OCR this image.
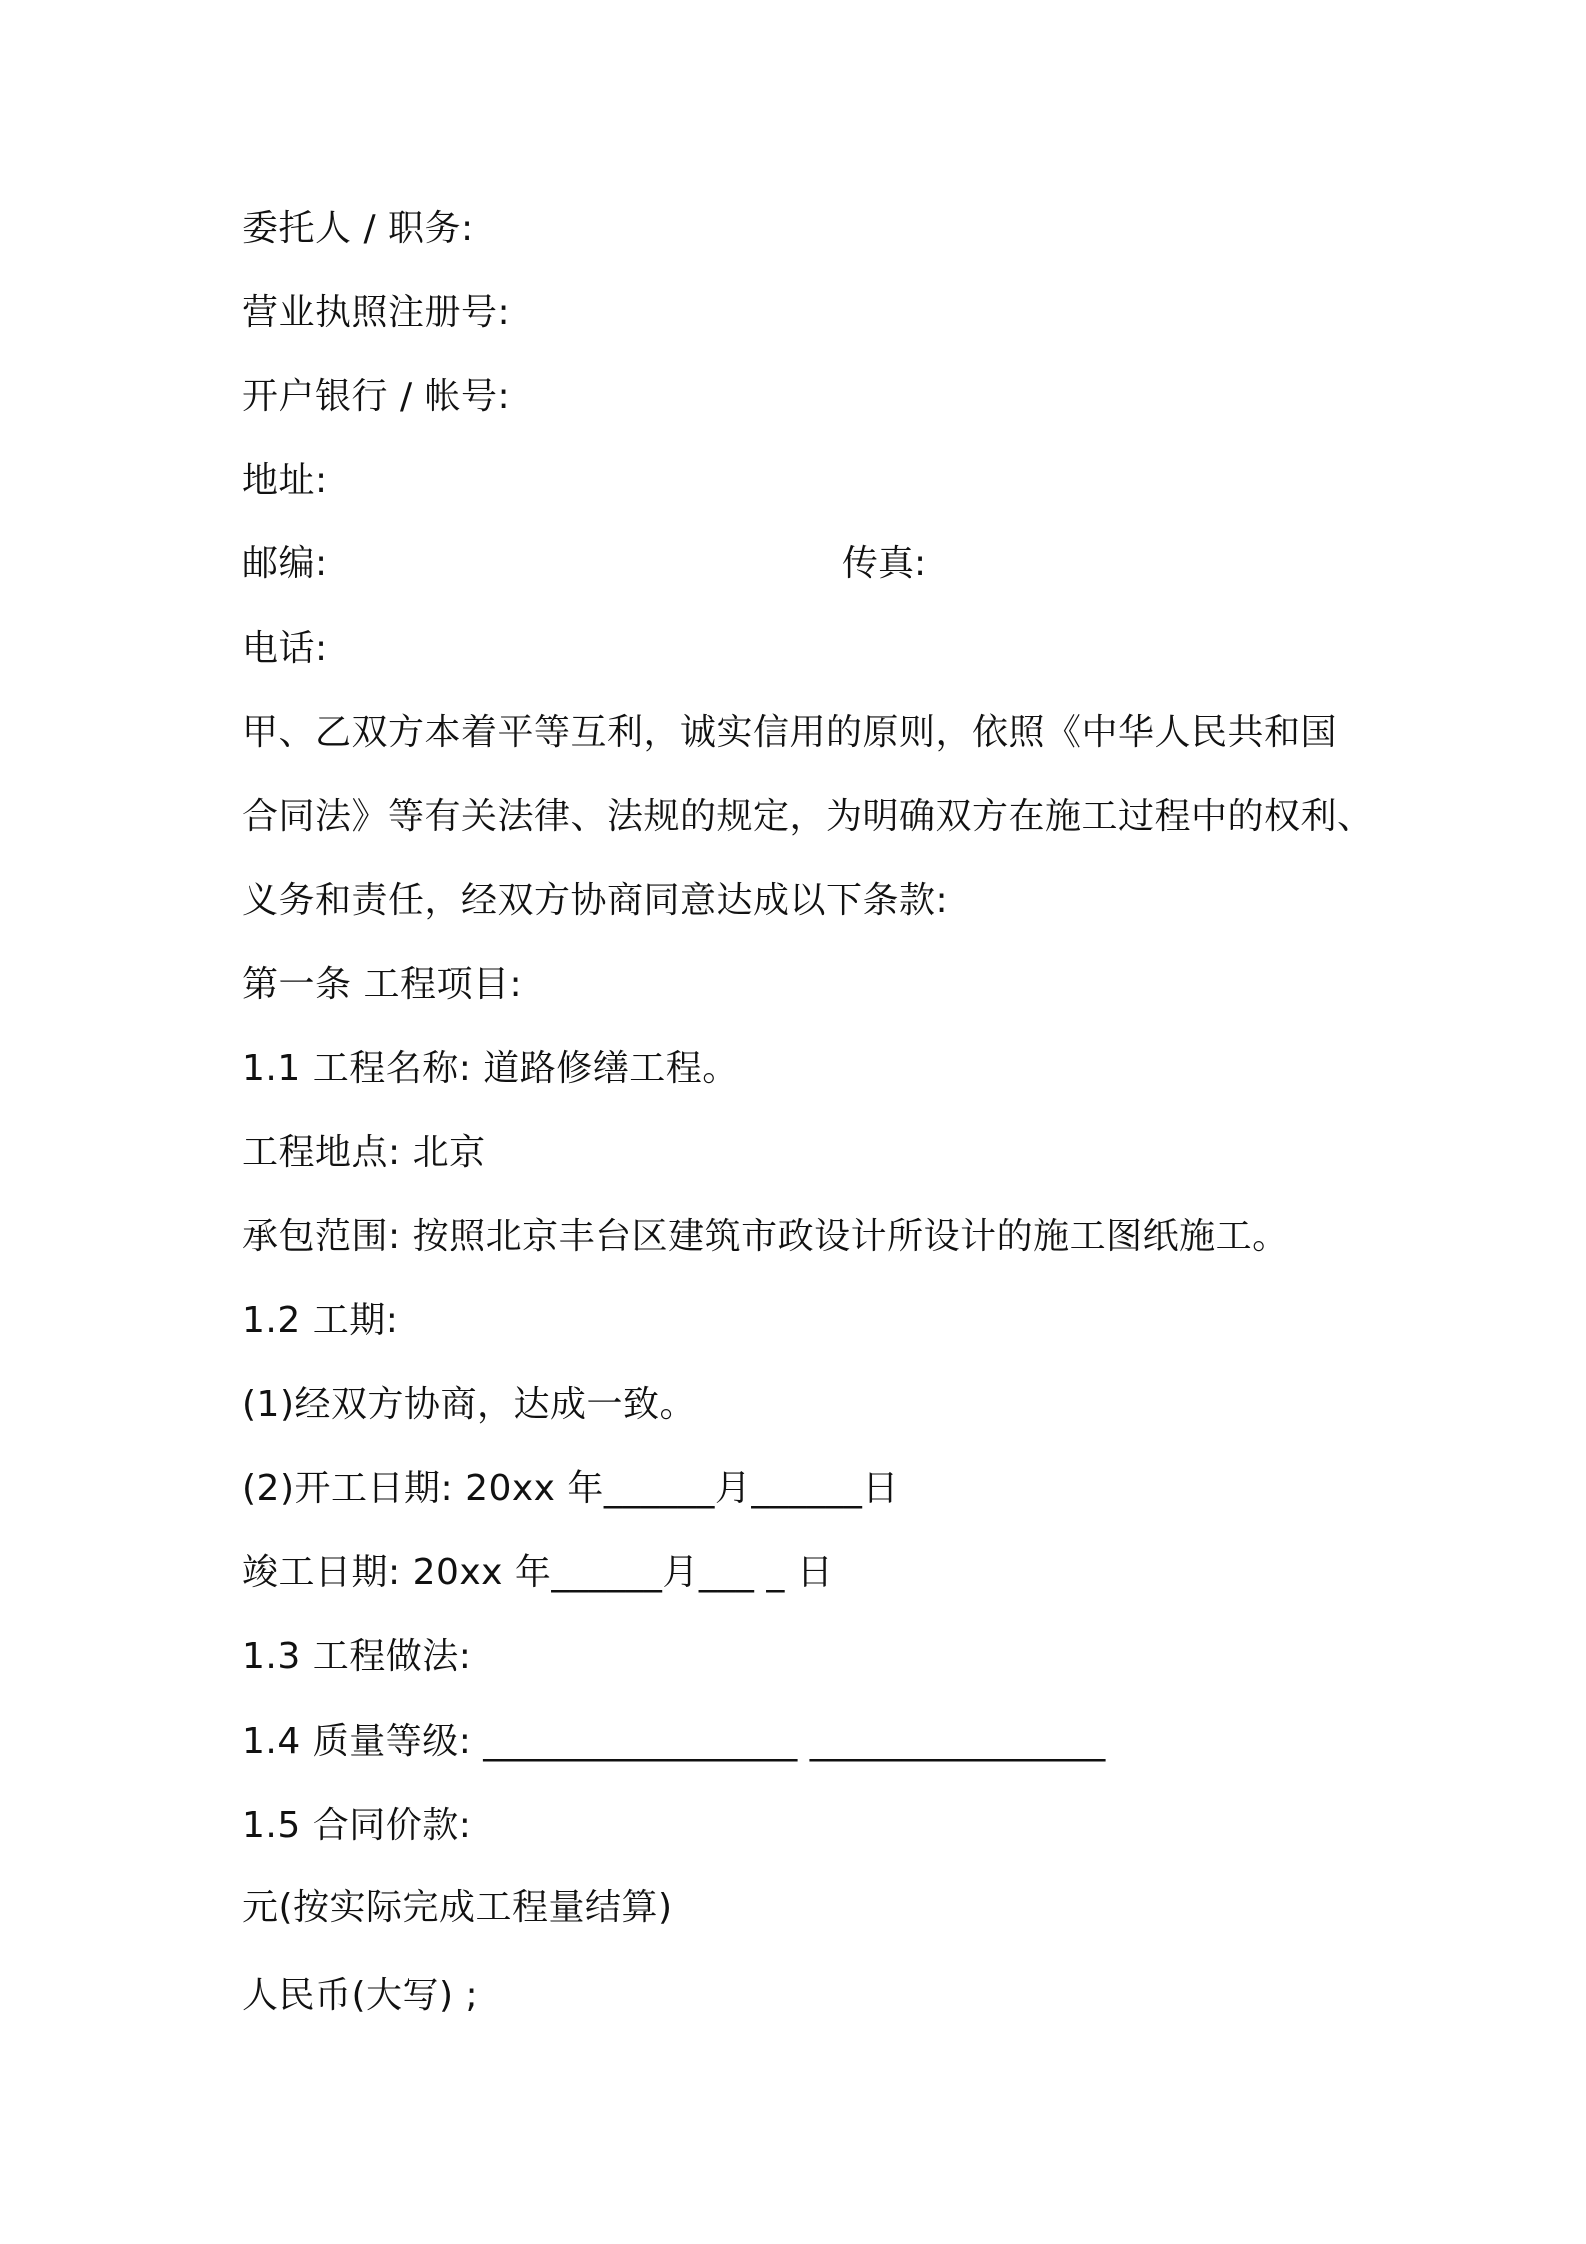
委托人 / 职务:
营业执照注册号:
开户银行 / 帐号:
地址:
邮编:	传真:
电话:
甲、乙双方本着平等互利，诚实信用的原则，依照《中华人民共和国
合同法》等有关法律、法规的规定，为明确双方在施工过程中的权利、
义务和责任，经双方协商同意达成以下条款:
第一条 工程项目:
1.1 工程名称: 道路修缮工程。
工程地点: 北京
承包范围: 按照北京丰台区建筑市政设计所设计的施工图纸施工。
1.2 工期:
(1)经双方协商，达成一致。
(2)开工日期: 20xx 年______月______日
竣工日期: 20xx 年______月___ _ 日
1.3 工程做法:
1.4 质量等级: _________________ ________________
1.5 合同价款:
元(按实际完成工程量结算)
人民币(大写) ;
